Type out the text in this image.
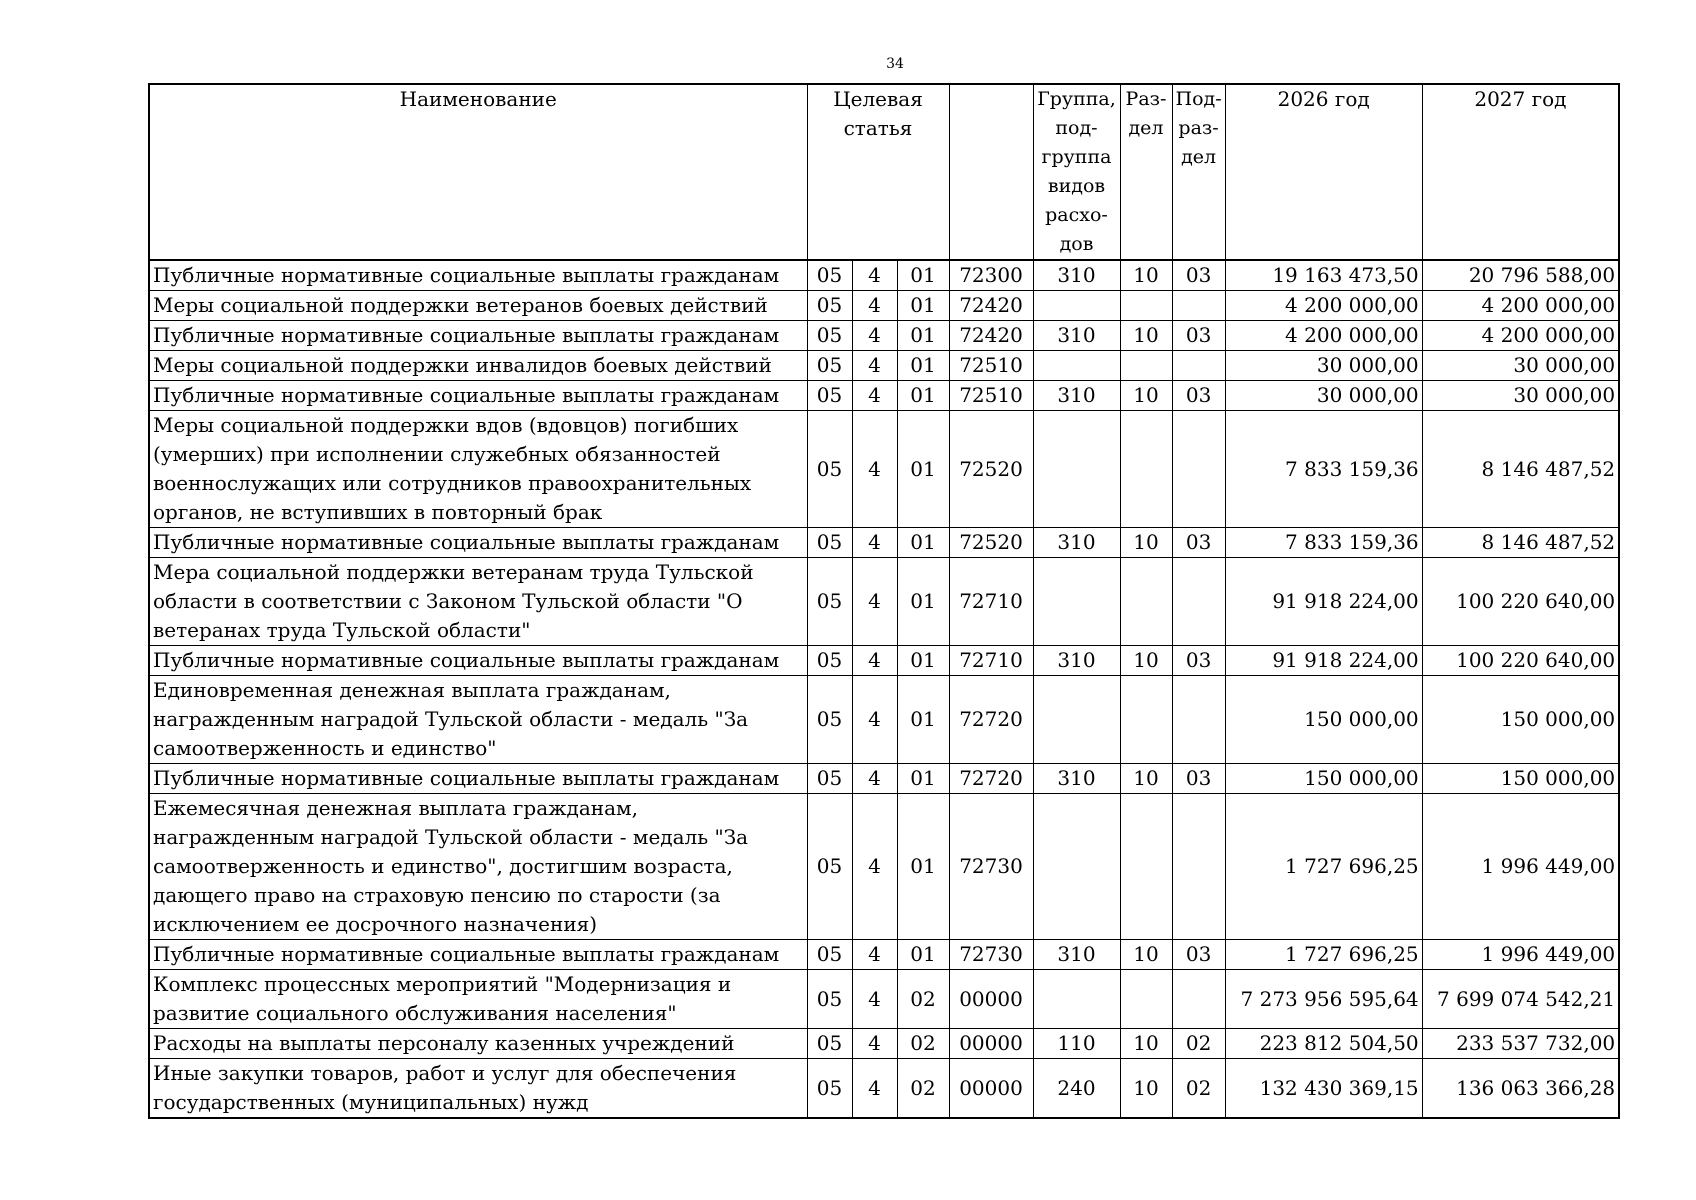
34
Наименование	Целевая статья				Группа, под-группа видов расхо-дов	Раз-дел	Под-раз-дел	2026 год	2027 год
Публичные нормативные социальные выплаты гражданам	05	4	01	72300	310	10	03	19 163 473,50	20 796 588,00
Меры социальной поддержки ветеранов боевых действий	05	4	01	72420				4 200 000,00	4 200 000,00
Публичные нормативные социальные выплаты гражданам	05	4	01	72420	310	10	03	4 200 000,00	4 200 000,00
Меры социальной поддержки инвалидов боевых действий	05	4	01	72510				30 000,00	30 000,00
Публичные нормативные социальные выплаты гражданам	05	4	01	72510	310	10	03	30 000,00	30 000,00
Меры социальной поддержки вдов (вдовцов) погибших (умерших) при исполнении служебных обязанностей военнослужащих или сотрудников правоохранительных органов, не вступивших в повторный брак	05	4	01	72520				7 833 159,36	8 146 487,52
Публичные нормативные социальные выплаты гражданам	05	4	01	72520	310	10	03	7 833 159,36	8 146 487,52
Мера социальной поддержки ветеранам труда Тульской области в соответствии с Законом Тульской области "О ветеранах труда Тульской области"	05	4	01	72710				91 918 224,00	100 220 640,00
Публичные нормативные социальные выплаты гражданам	05	4	01	72710	310	10	03	91 918 224,00	100 220 640,00
Единовременная денежная выплата гражданам, награжденным наградой Тульской области - медаль "За самоотверженность и единство"	05	4	01	72720				150 000,00	150 000,00
Публичные нормативные социальные выплаты гражданам	05	4	01	72720	310	10	03	150 000,00	150 000,00
Ежемесячная денежная выплата гражданам, награжденным наградой Тульской области - медаль "За самоотверженность и единство", достигшим возраста, дающего право на страховую пенсию по старости (за исключением ее досрочного назначения)	05	4	01	72730				1 727 696,25	1 996 449,00
Публичные нормативные социальные выплаты гражданам	05	4	01	72730	310	10	03	1 727 696,25	1 996 449,00
Комплекс процессных мероприятий "Модернизация и развитие социального обслуживания населения"	05	4	02	00000				7 273 956 595,64	7 699 074 542,21
Расходы на выплаты персоналу казенных учреждений	05	4	02	00000	110	10	02	223 812 504,50	233 537 732,00
Иные закупки товаров, работ и услуг для обеспечения государственных (муниципальных) нужд	05	4	02	00000	240	10	02	132 430 369,15	136 063 366,28
